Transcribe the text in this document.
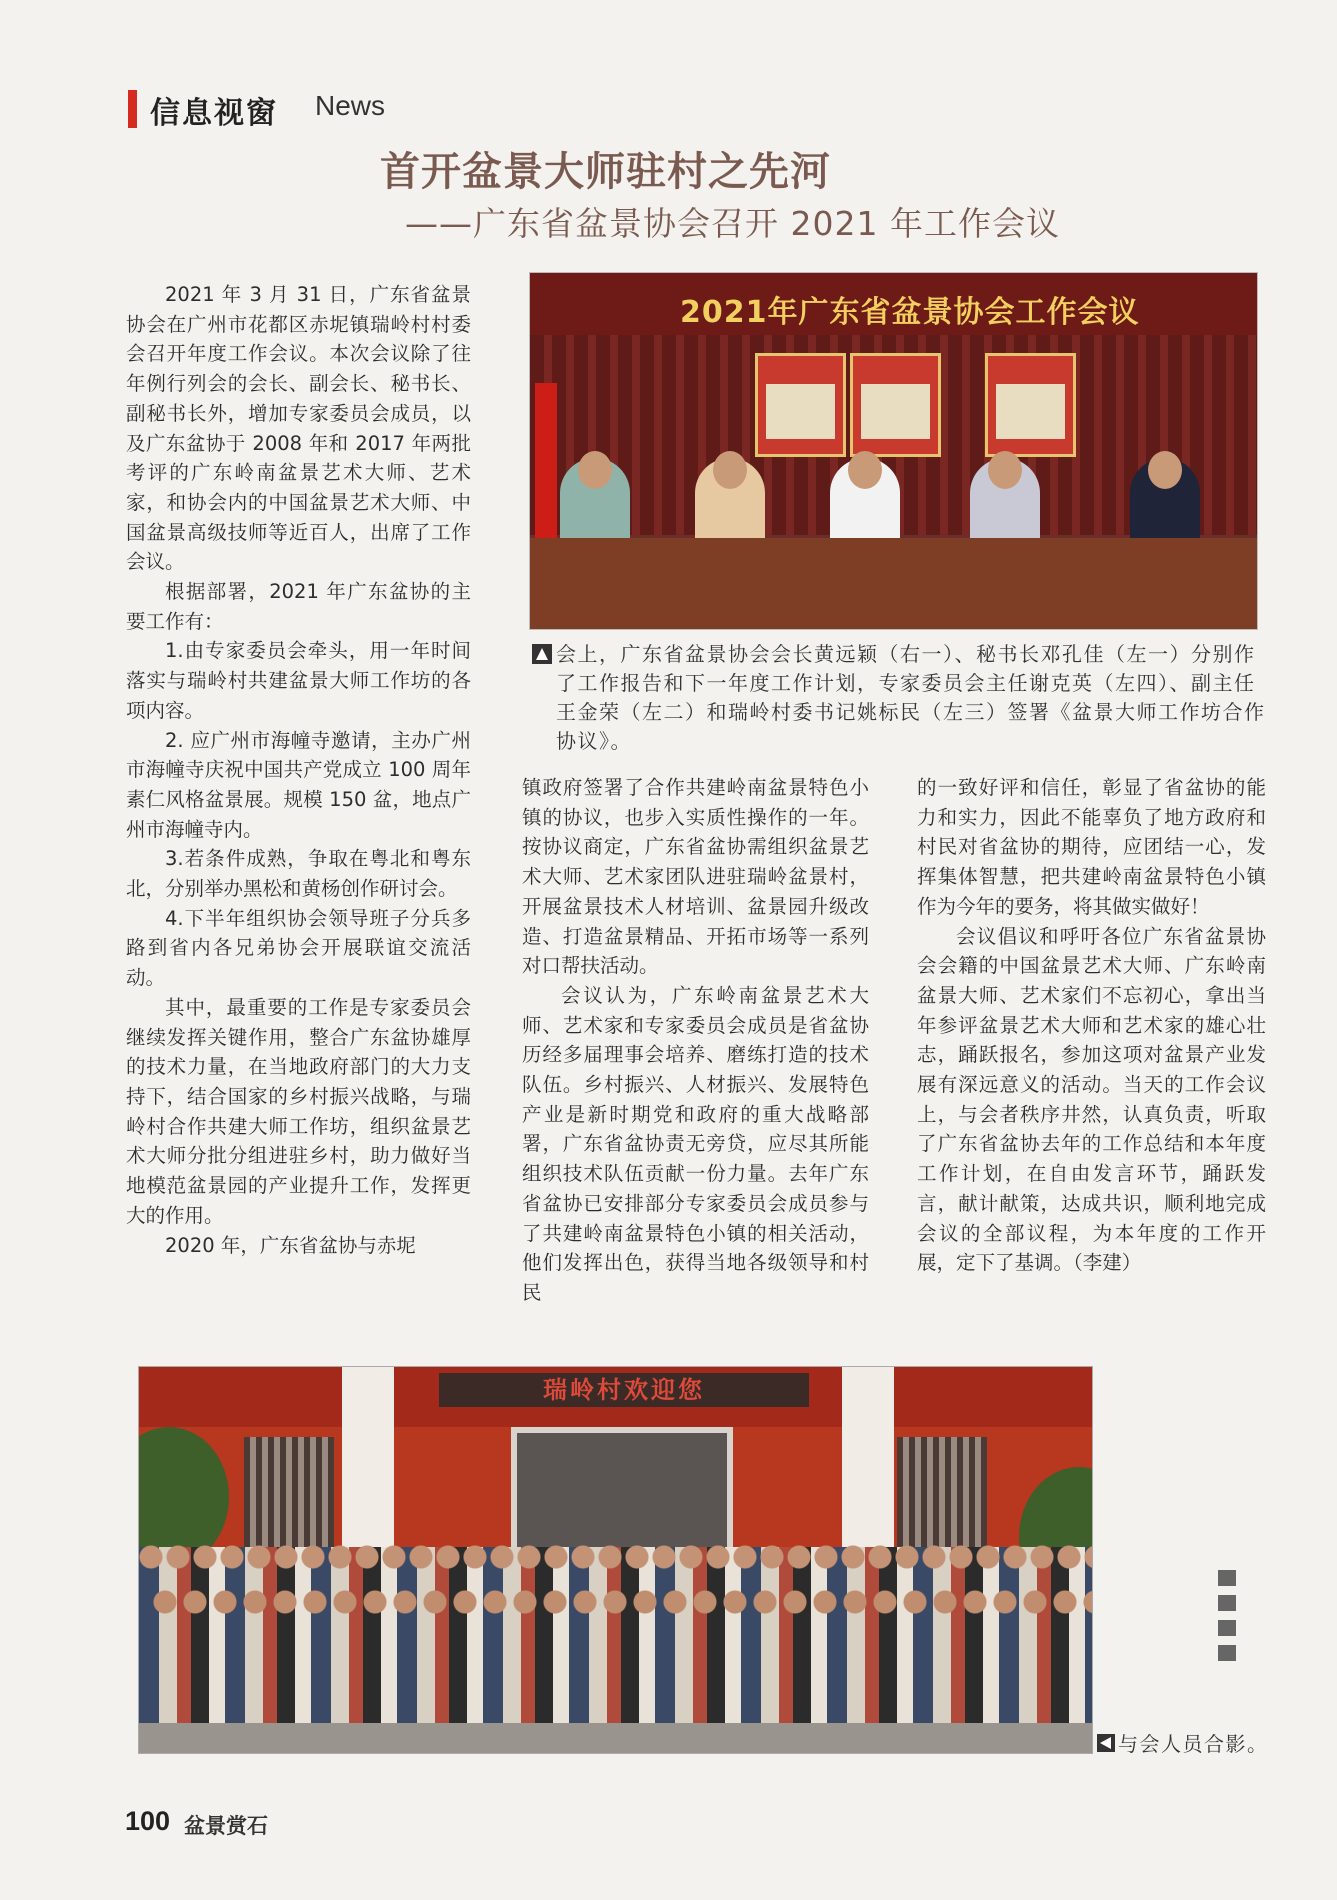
信息视窗 News
首开盆景大师驻村之先河
——广东省盆景协会召开 2021 年工作会议

2021 年 3 月 31 日，广东省盆景协会在广州市花都区赤坭镇瑞岭村村委会召开年度工作会议。本次会议除了往年例行列会的会长、副会长、秘书长、副秘书长外，增加专家委员会成员，以及广东盆协于 2008 年和 2017 年两批考评的广东岭南盆景艺术大师、艺术家，和协会内的中国盆景艺术大师、中国盆景高级技师等近百人，出席了工作会议。

根据部署，2021 年广东盆协的主要工作有：

1.由专家委员会牵头，用一年时间落实与瑞岭村共建盆景大师工作坊的各项内容。

2. 应广州市海幢寺邀请，主办广州市海幢寺庆祝中国共产党成立 100 周年素仁风格盆景展。规模 150 盆，地点广州市海幢寺内。

3.若条件成熟，争取在粤北和粤东北，分别举办黑松和黄杨创作研讨会。

4.下半年组织协会领导班子分兵多路到省内各兄弟协会开展联谊交流活动。

其中，最重要的工作是专家委员会继续发挥关键作用，整合广东盆协雄厚的技术力量，在当地政府部门的大力支持下，结合国家的乡村振兴战略，与瑞岭村合作共建大师工作坊，组织盆景艺术大师分批分组进驻乡村，助力做好当地模范盆景园的产业提升工作，发挥更大的作用。

2020 年，广东省盆协与赤坭

2021年广东省盆景协会工作会议
会上，广东省盆景协会会长黄远颖（右一）、秘书长邓孔佳（左一）分别作了工作报告和下一年度工作计划，专家委员会主任谢克英（左四）、副主任王金荣（左二）和瑞岭村委书记姚标民（左三）签署《盆景大师工作坊合作协议》。

镇政府签署了合作共建岭南盆景特色小镇的协议，也步入实质性操作的一年。按协议商定，广东省盆协需组织盆景艺术大师、艺术家团队进驻瑞岭盆景村，开展盆景技术人材培训、盆景园升级改造、打造盆景精品、开拓市场等一系列对口帮扶活动。

会议认为，广东岭南盆景艺术大师、艺术家和专家委员会成员是省盆协历经多届理事会培养、磨练打造的技术队伍。乡村振兴、人材振兴、发展特色产业是新时期党和政府的重大战略部署，广东省盆协责无旁贷，应尽其所能组织技术队伍贡献一份力量。去年广东省盆协已安排部分专家委员会成员参与了共建岭南盆景特色小镇的相关活动，他们发挥出色，获得当地各级领导和村民

的一致好评和信任，彰显了省盆协的能力和实力，因此不能辜负了地方政府和村民对省盆协的期待，应团结一心，发挥集体智慧，把共建岭南盆景特色小镇作为今年的要务，将其做实做好！

会议倡议和呼吁各位广东省盆景协会会籍的中国盆景艺术大师、广东岭南盆景大师、艺术家们不忘初心，拿出当年参评盆景艺术大师和艺术家的雄心壮志，踊跃报名，参加这项对盆景产业发展有深远意义的活动。当天的工作会议上，与会者秩序井然，认真负责，听取了广东省盆协去年的工作总结和本年度工作计划，在自由发言环节，踊跃发言，献计献策，达成共识，顺利地完成会议的全部议程，为本年度的工作开展，定下了基调。（李建）

瑞岭村欢迎您
与会人员合影。
100 盆景赏石
